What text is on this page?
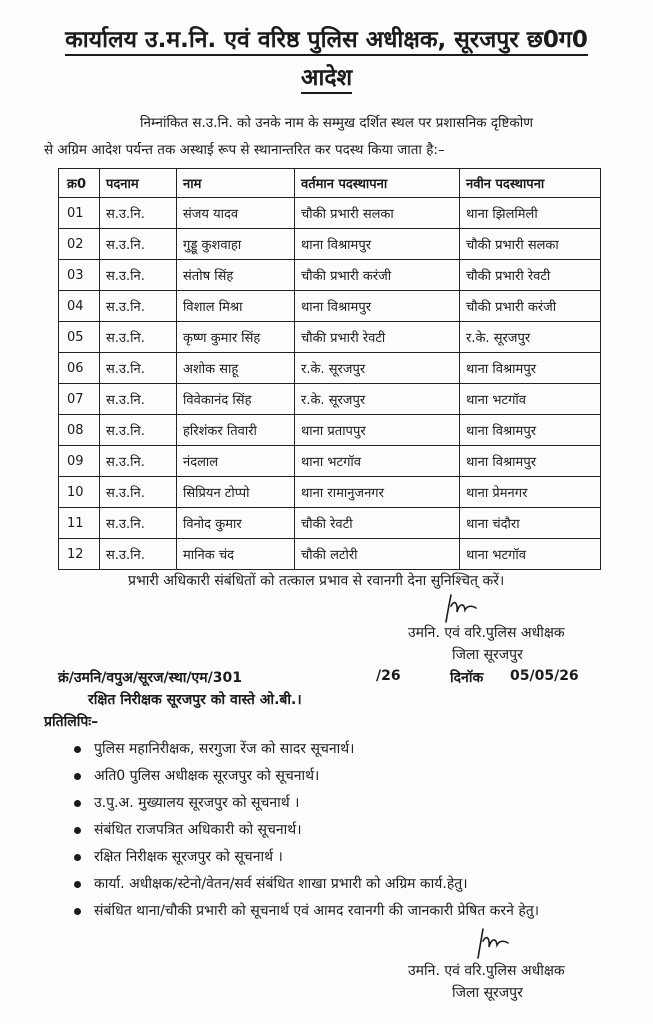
कार्यालय उ.म.नि. एवं वरिष्ठ पुलिस अधीक्षक, सूरजपुर छ0ग0
आदेश

निम्नांकित स.उ.नि. को उनके नाम के सम्मुख दर्शित स्थल पर प्रशासनिक दृष्टिकोण
से अग्रिम आदेश पर्यन्त तक अस्थाई रूप से स्थानान्तरित कर पदस्थ किया जाता है:–

क्र0	पदनाम	नाम	वर्तमान पदस्थापना	नवीन पदस्थापना
01	स.उ.नि.	संजय यादव	चौकी प्रभारी सलका	थाना झिलमिली
02	स.उ.नि.	गुड्डू कुशवाहा	थाना विश्रामपुर	चौकी प्रभारी सलका
03	स.उ.नि.	संतोष सिंह	चौकी प्रभारी करंजी	चौकी प्रभारी रेवटी
04	स.उ.नि.	विशाल मिश्रा	थाना विश्रामपुर	चौकी प्रभारी करंजी
05	स.उ.नि.	कृष्ण कुमार सिंह	चौकी प्रभारी रेवटी	र.के. सूरजपुर
06	स.उ.नि.	अशोक साहू	र.के. सूरजपुर	थाना विश्रामपुर
07	स.उ.नि.	विवेकानंद सिंह	र.के. सूरजपुर	थाना भटगॉव
08	स.उ.नि.	हरिशंकर तिवारी	थाना प्रतापपुर	थाना विश्रामपुर
09	स.उ.नि.	नंदलाल	थाना भटगॉव	थाना विश्रामपुर
10	स.उ.नि.	सिप्रियन टोप्पो	थाना रामानुजनगर	थाना प्रेमनगर
11	स.उ.नि.	विनोद कुमार	चौकी रेवटी	थाना चंदौरा
12	स.उ.नि.	मानिक चंद	चौकी लटोरी	थाना भटगॉव

प्रभारी अधिकारी संबंधितों को तत्काल प्रभाव से रवानगी देना सुनिश्चित् करें।

उमनि. एवं वरि.पुलिस अधीक्षक
जिला सूरजपुर

क्रं/उमनि/वपुअ/सूरज/स्था/एम/301	/26	दिनॉक 05/05/26

रक्षित निरीक्षक सूरजपुर को वास्ते ओ.बी.।

प्रतिलिपिः–

पुलिस महानिरीक्षक, सरगुजा रेंज को सादर सूचनार्थ।
अति0 पुलिस अधीक्षक सूरजपुर को सूचनार्थ।
उ.पु.अ. मुख्यालय सूरजपुर को सूचनार्थ ।
संबंधित राजपत्रित अधिकारी को सूचनार्थ।
रक्षित निरीक्षक सूरजपुर को सूचनार्थ ।
कार्या. अधीक्षक/स्टेनो/वेतन/सर्व संबंधित शाखा प्रभारी को अग्रिम कार्य.हेतु।
संबंधित थाना/चौकी प्रभारी को सूचनार्थ एवं आमद रवानगी की जानकारी प्रेषित करने हेतु।
उमनि. एवं वरि.पुलिस अधीक्षक
जिला सूरजपुर
